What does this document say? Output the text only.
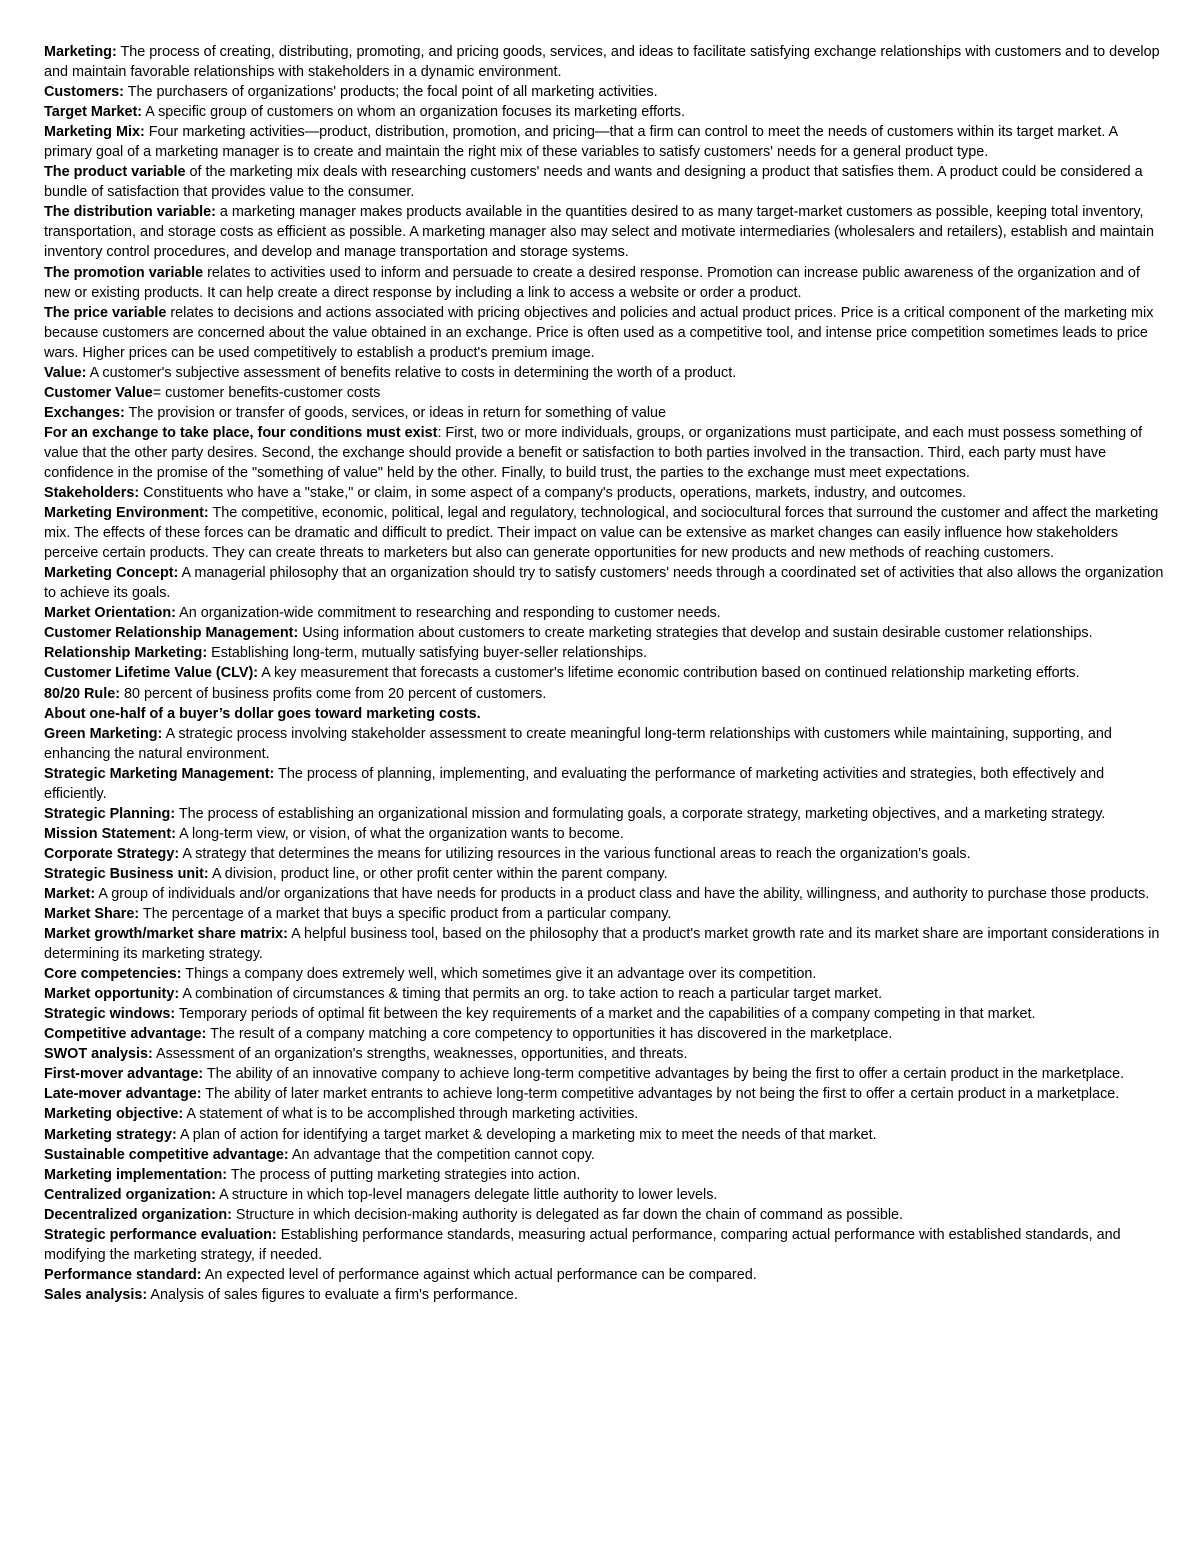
Marketing: The process of creating, distributing, promoting, and pricing goods, services, and ideas to facilitate satisfying exchange relationships with customers and to develop and maintain favorable relationships with stakeholders in a dynamic environment.
Customers: The purchasers of organizations' products; the focal point of all marketing activities.
Target Market: A specific group of customers on whom an organization focuses its marketing efforts.
Marketing Mix: Four marketing activities—product, distribution, promotion, and pricing—that a firm can control to meet the needs of customers within its target market. A primary goal of a marketing manager is to create and maintain the right mix of these variables to satisfy customers' needs for a general product type.
The product variable of the marketing mix deals with researching customers' needs and wants and designing a product that satisfies them. A product could be considered a bundle of satisfaction that provides value to the consumer.
The distribution variable: a marketing manager makes products available in the quantities desired to as many target-market customers as possible, keeping total inventory, transportation, and storage costs as efficient as possible. A marketing manager also may select and motivate intermediaries (wholesalers and retailers), establish and maintain inventory control procedures, and develop and manage transportation and storage systems.
The promotion variable relates to activities used to inform and persuade to create a desired response. Promotion can increase public awareness of the organization and of new or existing products. It can help create a direct response by including a link to access a website or order a product.
The price variable relates to decisions and actions associated with pricing objectives and policies and actual product prices. Price is a critical component of the marketing mix because customers are concerned about the value obtained in an exchange. Price is often used as a competitive tool, and intense price competition sometimes leads to price wars. Higher prices can be used competitively to establish a product's premium image.
Value: A customer's subjective assessment of benefits relative to costs in determining the worth of a product.
Customer Value= customer benefits-customer costs
Exchanges: The provision or transfer of goods, services, or ideas in return for something of value
For an exchange to take place, four conditions must exist: First, two or more individuals, groups, or organizations must participate, and each must possess something of value that the other party desires. Second, the exchange should provide a benefit or satisfaction to both parties involved in the transaction. Third, each party must have confidence in the promise of the "something of value" held by the other. Finally, to build trust, the parties to the exchange must meet expectations.
Stakeholders: Constituents who have a "stake," or claim, in some aspect of a company's products, operations, markets, industry, and outcomes.
Marketing Environment: The competitive, economic, political, legal and regulatory, technological, and sociocultural forces that surround the customer and affect the marketing mix. The effects of these forces can be dramatic and difficult to predict. Their impact on value can be extensive as market changes can easily influence how stakeholders perceive certain products. They can create threats to marketers but also can generate opportunities for new products and new methods of reaching customers.
Marketing Concept: A managerial philosophy that an organization should try to satisfy customers' needs through a coordinated set of activities that also allows the organization to achieve its goals.
Market Orientation: An organization-wide commitment to researching and responding to customer needs.
Customer Relationship Management: Using information about customers to create marketing strategies that develop and sustain desirable customer relationships.
Relationship Marketing: Establishing long-term, mutually satisfying buyer-seller relationships.
Customer Lifetime Value (CLV): A key measurement that forecasts a customer's lifetime economic contribution based on continued relationship marketing efforts.
80/20 Rule: 80 percent of business profits come from 20 percent of customers.
About one-half of a buyer’s dollar goes toward marketing costs.
Green Marketing: A strategic process involving stakeholder assessment to create meaningful long-term relationships with customers while maintaining, supporting, and enhancing the natural environment.
Strategic Marketing Management: The process of planning, implementing, and evaluating the performance of marketing activities and strategies, both effectively and efficiently.
Strategic Planning: The process of establishing an organizational mission and formulating goals, a corporate strategy, marketing objectives, and a marketing strategy.
Mission Statement: A long-term view, or vision, of what the organization wants to become.
Corporate Strategy: A strategy that determines the means for utilizing resources in the various functional areas to reach the organization's goals.
Strategic Business unit: A division, product line, or other profit center within the parent company.
Market: A group of individuals and/or organizations that have needs for products in a product class and have the ability, willingness, and authority to purchase those products.
Market Share: The percentage of a market that buys a specific product from a particular company.
Market growth/market share matrix: A helpful business tool, based on the philosophy that a product's market growth rate and its market share are important considerations in determining its marketing strategy.
Core competencies: Things a company does extremely well, which sometimes give it an advantage over its competition.
Market opportunity: A combination of circumstances & timing that permits an org. to take action to reach a particular target market.
Strategic windows: Temporary periods of optimal fit between the key requirements of a market and the capabilities of a company competing in that market.
Competitive advantage: The result of a company matching a core competency to opportunities it has discovered in the marketplace.
SWOT analysis: Assessment of an organization's strengths, weaknesses, opportunities, and threats.
First-mover advantage: The ability of an innovative company to achieve long-term competitive advantages by being the first to offer a certain product in the marketplace.
Late-mover advantage: The ability of later market entrants to achieve long-term competitive advantages by not being the first to offer a certain product in a marketplace.
Marketing objective: A statement of what is to be accomplished through marketing activities.
Marketing strategy: A plan of action for identifying a target market & developing a marketing mix to meet the needs of that market.
Sustainable competitive advantage: An advantage that the competition cannot copy.
Marketing implementation: The process of putting marketing strategies into action.
Centralized organization: A structure in which top-level managers delegate little authority to lower levels.
Decentralized organization: Structure in which decision-making authority is delegated as far down the chain of command as possible.
Strategic performance evaluation: Establishing performance standards, measuring actual performance, comparing actual performance with established standards, and modifying the marketing strategy, if needed.
Performance standard: An expected level of performance against which actual performance can be compared.
Sales analysis: Analysis of sales figures to evaluate a firm's performance.
